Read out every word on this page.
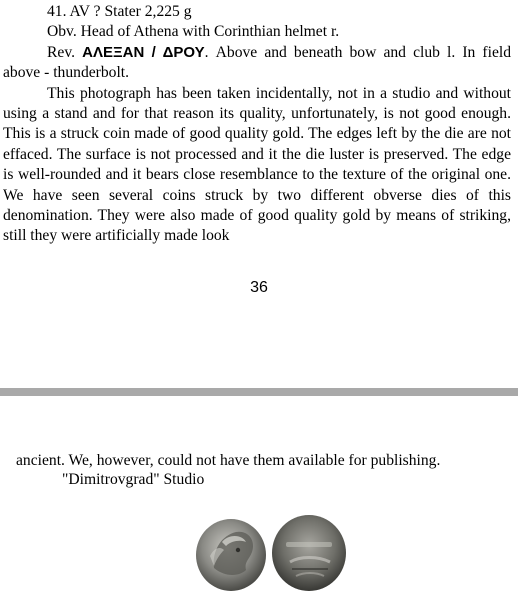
41. AV ? Stater 2,225 g

Obv. Head of Athena with Corinthian helmet r.

Rev. ΑΛΕΞΑΝ / ΔΡΟΥ. Above and beneath bow and club l. In field above - thunderbolt.

This photograph has been taken incidentally, not in a studio and without using a stand and for that reason its quality, unfortunately, is not good enough. This is a struck coin made of good quality gold. The edges left by the die are not effaced. The surface is not processed and it the die luster is preserved. The edge is well-rounded and it bears close resemblance to the texture of the original one. We have seen several coins struck by two different obverse dies of this denomination. They were also made of good quality gold by means of striking, still they were artificially made look

36

ancient. We, however, could not have them available for publishing.

"Dimitrovgrad" Studio
